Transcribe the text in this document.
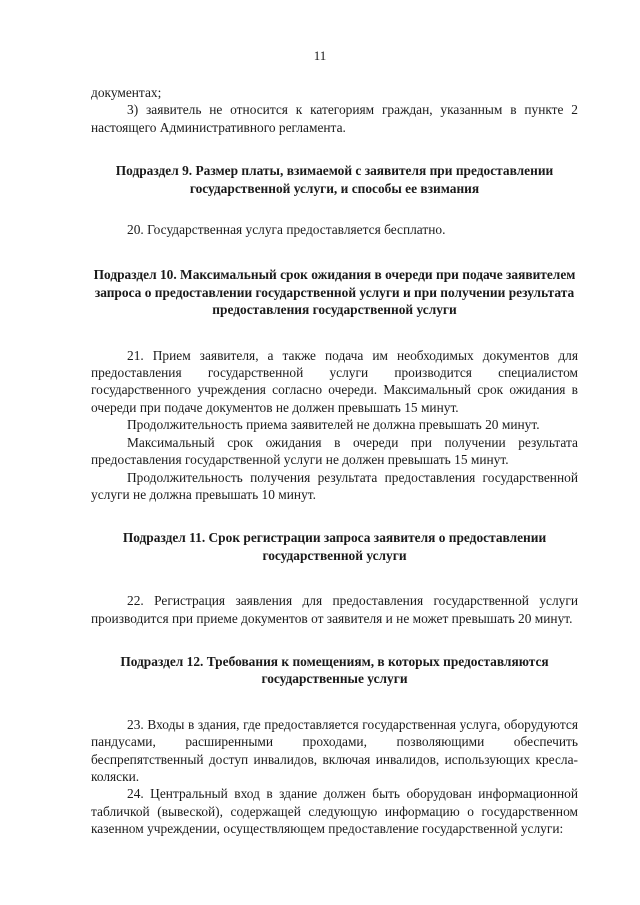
11

документах;

3) заявитель не относится к категориям граждан, указанным в пункте 2 настоящего Административного регламента.

Подраздел 9. Размер платы, взимаемой с заявителя при предоставлении государственной услуги, и способы ее взимания

20. Государственная услуга предоставляется бесплатно.

Подраздел 10. Максимальный срок ожидания в очереди при подаче заявителем запроса о предоставлении государственной услуги и при получении результата предоставления государственной услуги

21. Прием заявителя, а также подача им необходимых документов для предоставления государственной услуги производится специалистом государственного учреждения согласно очереди. Максимальный срок ожидания в очереди при подаче документов не должен превышать 15 минут.

Продолжительность приема заявителей не должна превышать 20 минут.

Максимальный срок ожидания в очереди при получении результата предоставления государственной услуги не должен превышать 15 минут.

Продолжительность получения результата предоставления государственной услуги не должна превышать 10 минут.

Подраздел 11. Срок регистрации запроса заявителя о предоставлении государственной услуги

22. Регистрация заявления для предоставления государственной услуги производится при приеме документов от заявителя и не может превышать 20 минут.

Подраздел 12. Требования к помещениям, в которых предоставляются государственные услуги

23. Входы в здания, где предоставляется государственная услуга, оборудуются пандусами, расширенными проходами, позволяющими обеспечить беспрепятственный доступ инвалидов, включая инвалидов, использующих кресла-коляски.

24. Центральный вход в здание должен быть оборудован информационной табличкой (вывеской), содержащей следующую информацию о государственном казенном учреждении, осуществляющем предоставление государственной услуги:
